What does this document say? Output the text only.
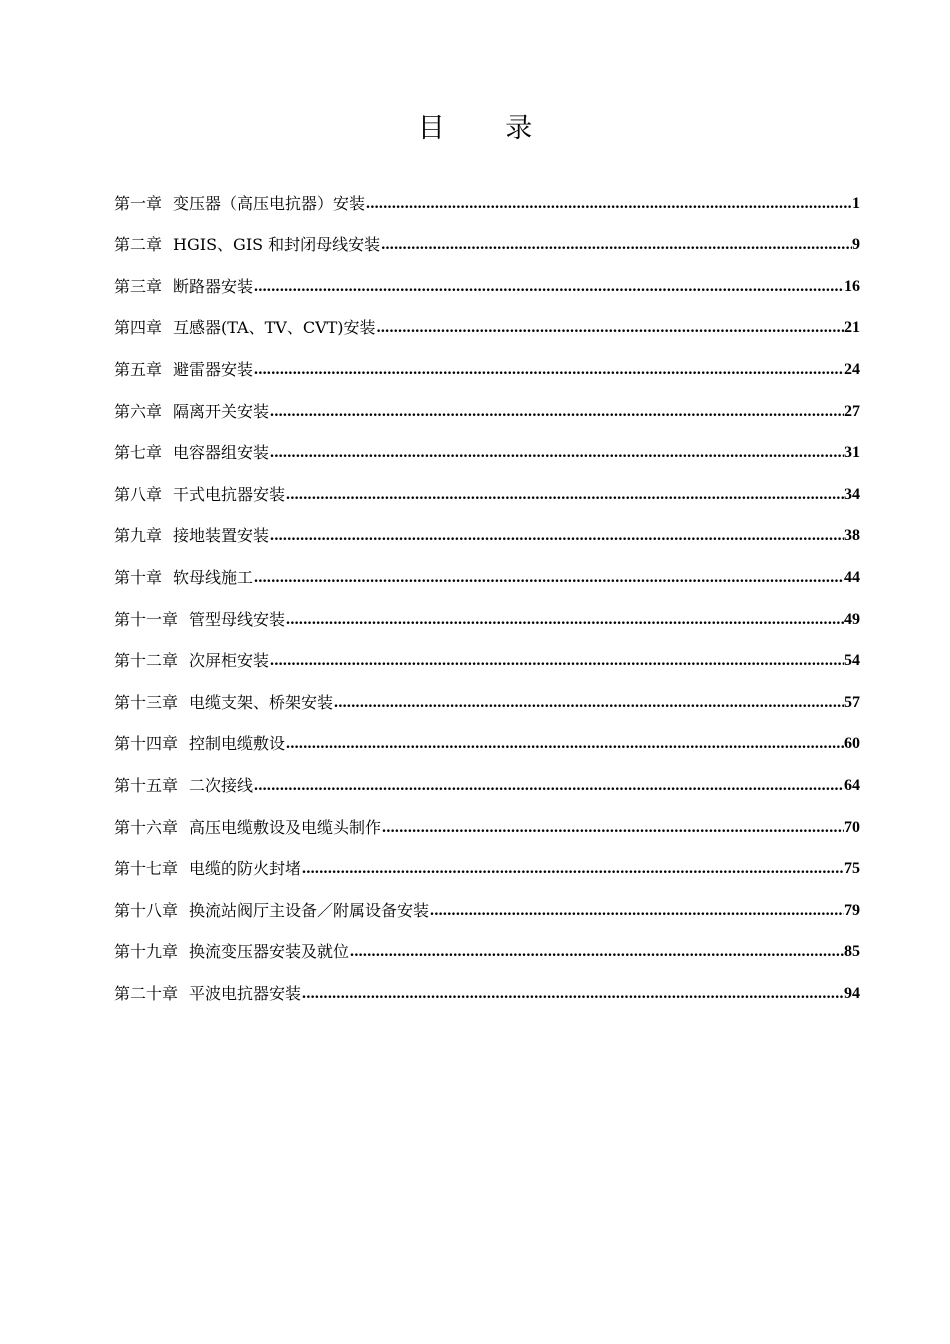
目 录
第一章 变压器（高压电抗器）安装 .....	1
第二章 HGIS、GIS 和封闭母线安装 .....	9
第三章 断路器安装 .....	16
第四章 互感器(TA、TV、CVT)安装 .....	21
第五章 避雷器安装 .....	24
第六章 隔离开关安装 .....	27
第七章 电容器组安装 .....	31
第八章 干式电抗器安装 .....	34
第九章 接地装置安装 .....	38
第十章 软母线施工 .....	44
第十一章 管型母线安装 .....	49
第十二章 次屏柜安装 .....	54
第十三章 电缆支架、桥架安装 .....	57
第十四章 控制电缆敷设 .....	60
第十五章 二次接线 .....	64
第十六章 高压电缆敷设及电缆头制作 .....	70
第十七章 电缆的防火封堵 .....	75
第十八章 换流站阀厅主设备／附属设备安装 .....	79
第十九章 换流变压器安装及就位 .....	85
第二十章 平波电抗器安装 .....	94
